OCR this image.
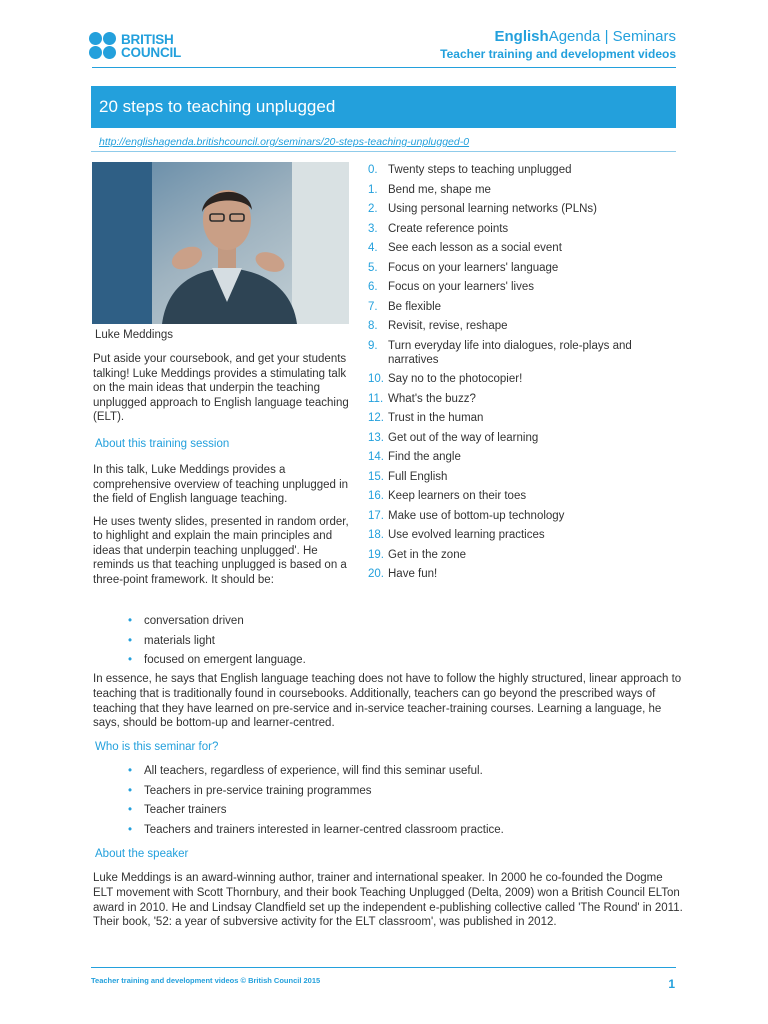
BRITISH
COUNCIL
EnglishAgenda | Seminars
Teacher training and development videos
20 steps to teaching unplugged
http://englishagenda.britishcouncil.org/seminars/20-steps-teaching-unplugged-0
Luke Meddings

Put aside your coursebook, and get your students talking! Luke Meddings provides a stimulating talk on the main ideas that underpin the teaching unplugged approach to English language teaching (ELT).

About this training session

In this talk, Luke Meddings provides a comprehensive overview of teaching unplugged in the field of English language teaching.

He uses twenty slides, presented in random order, to highlight and explain the main principles and ideas that underpin teaching unplugged'. He reminds us that teaching unplugged is based on a three-point framework. It should be:

• conversation driven
• materials light
• focused on emergent language.
0. Twenty steps to teaching unplugged
1. Bend me, shape me
2. Using personal learning networks (PLNs)
3. Create reference points
4. See each lesson as a social event
5. Focus on your learners' language
6. Focus on your learners' lives
7. Be flexible
8. Revisit, revise, reshape
9. Turn everyday life into dialogues, role-plays and narratives
10. Say no to the photocopier!
11. What's the buzz?
12. Trust in the human
13. Get out of the way of learning
14. Find the angle
15. Full English
16. Keep learners on their toes
17. Make use of bottom-up technology
18. Use evolved learning practices
19. Get in the zone
20. Have fun!

In essence, he says that English language teaching does not have to follow the highly structured, linear approach to teaching that is traditionally found in coursebooks. Additionally, teachers can go beyond the prescribed ways of teaching that they have learned on pre-service and in-service teacher-training courses. Learning a language, he says, should be bottom-up and learner-centred.

Who is this seminar for?
• All teachers, regardless of experience, will find this seminar useful.
• Teachers in pre-service training programmes
• Teacher trainers
• Teachers and trainers interested in learner-centred classroom practice.
About the speaker

Luke Meddings is an award-winning author, trainer and international speaker. In 2000 he co-founded the Dogme ELT movement with Scott Thornbury, and their book Teaching Unplugged (Delta, 2009) won a British Council ELTon award in 2010. He and Lindsay Clandfield set up the independent e-publishing collective called 'The Round' in 2011. Their book, '52: a year of subversive activity for the ELT classroom', was published in 2012.

Teacher training and development videos © British Council 2015	1
